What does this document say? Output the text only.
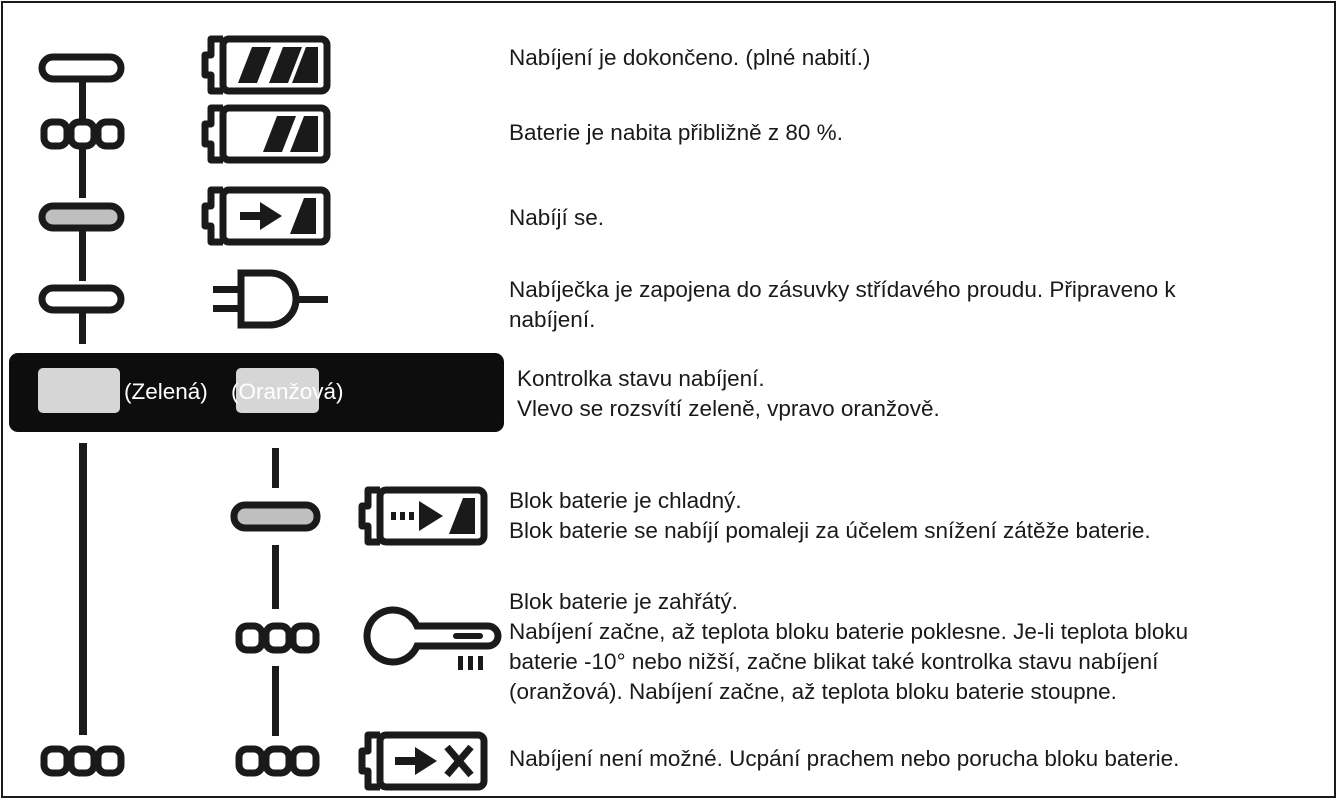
(Zelená) (Oranžová)
Nabíjení je dokončeno. (plné nabití.)
Baterie je nabita přibližně z 80 %.
Nabíjí se.
Nabíječka je zapojena do zásuvky střídavého proudu. Připraveno k
nabíjení.
Kontrolka stavu nabíjení.
Vlevo se rozsvítí zeleně, vpravo oranžově.
Blok baterie je chladný.
Blok baterie se nabíjí pomaleji za účelem snížení zátěže baterie.
Blok baterie je zahřátý.
Nabíjení začne, až teplota bloku baterie poklesne. Je-li teplota bloku
baterie -10° nebo nižší, začne blikat také kontrolka stavu nabíjení
(oranžová). Nabíjení začne, až teplota bloku baterie stoupne.
Nabíjení není možné. Ucpání prachem nebo porucha bloku baterie.
